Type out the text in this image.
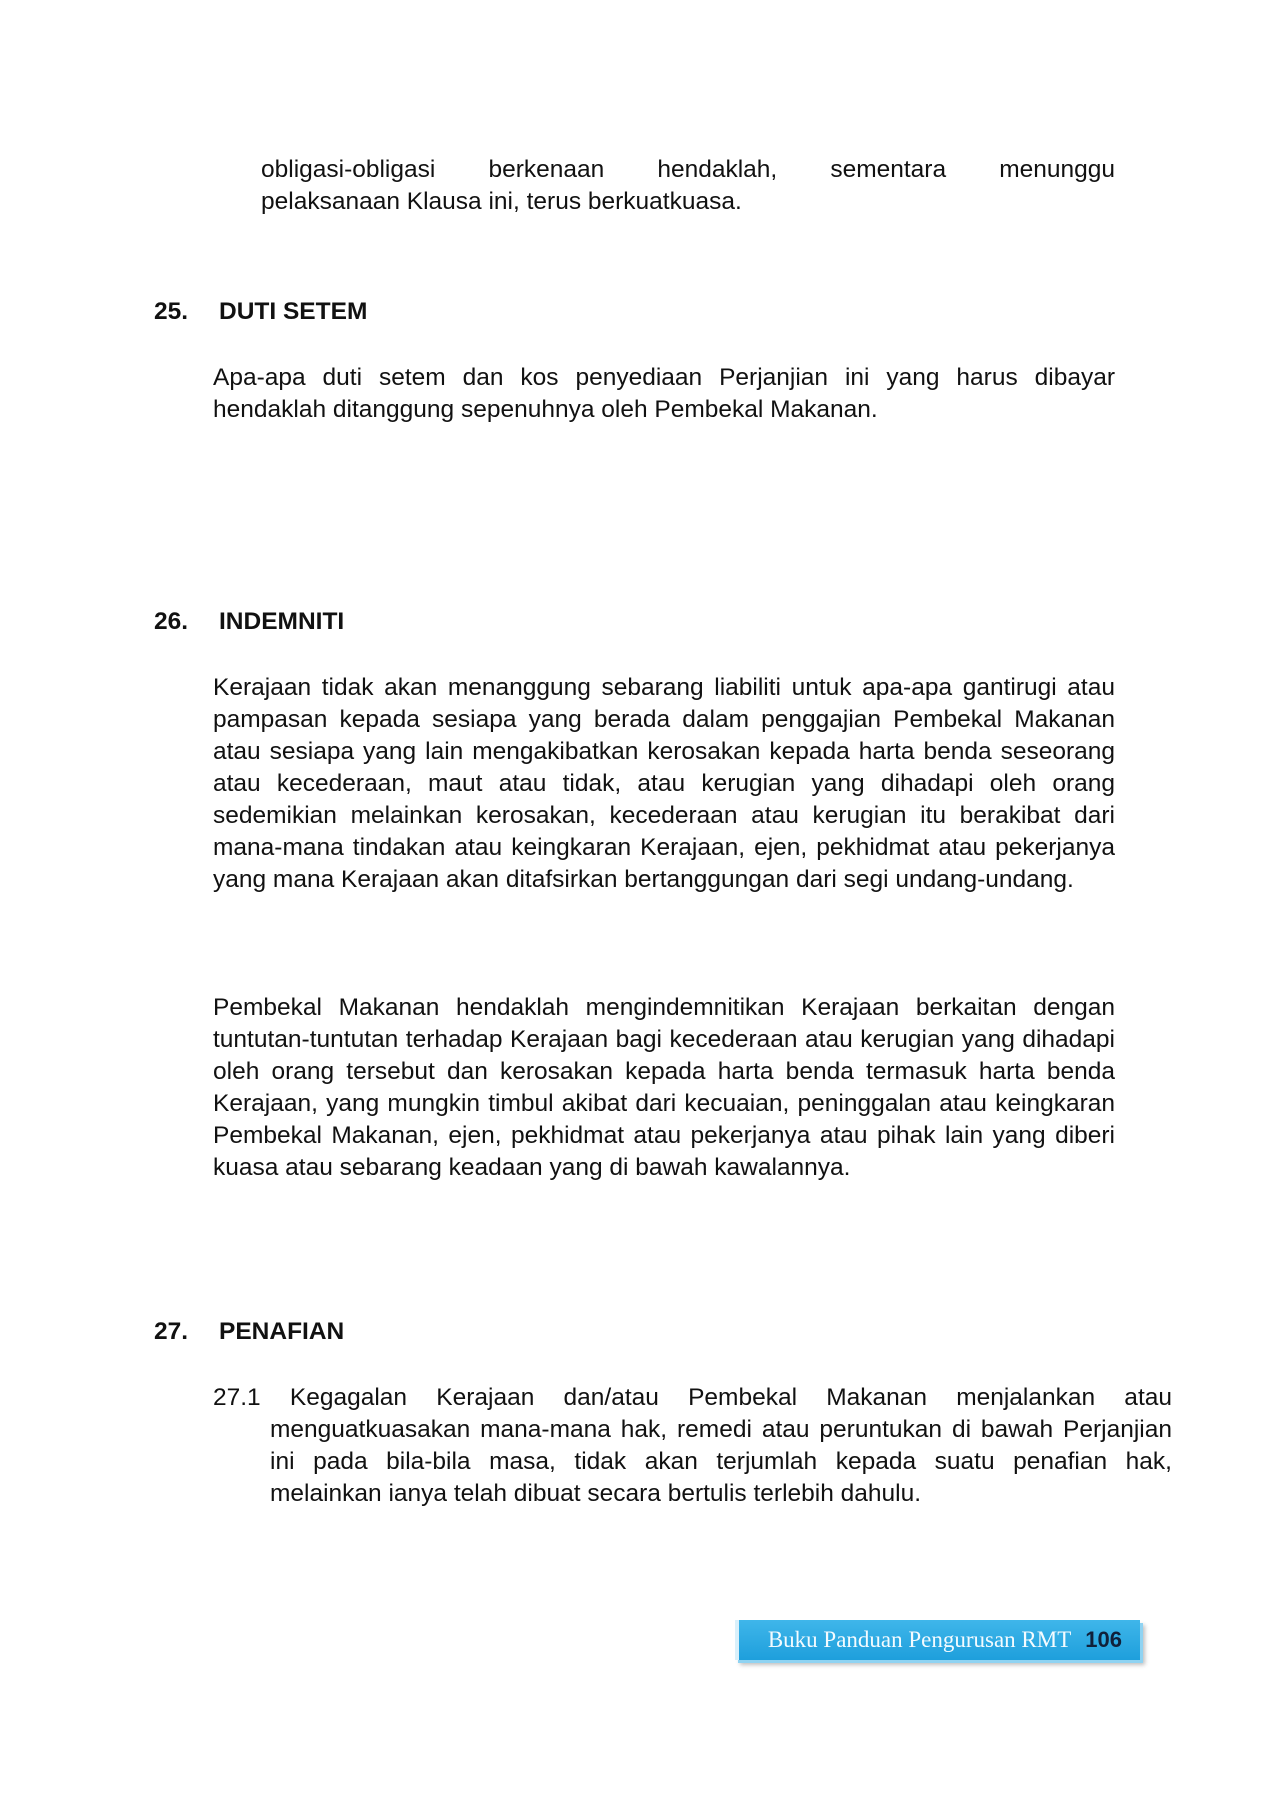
obligasi-obligasi berkenaan hendaklah, sementara menunggu
pelaksanaan Klausa ini, terus berkuatkuasa.
25. DUTI SETEM
Apa-apa duti setem dan kos penyediaan Perjanjian ini yang harus dibayar hendaklah ditanggung sepenuhnya oleh Pembekal Makanan.
26. INDEMNITI
Kerajaan tidak akan menanggung sebarang liabiliti untuk apa-apa gantirugi atau pampasan kepada sesiapa yang berada dalam penggajian Pembekal Makanan atau sesiapa yang lain mengakibatkan kerosakan kepada harta benda seseorang atau kecederaan, maut atau tidak, atau kerugian yang dihadapi oleh orang sedemikian melainkan kerosakan, kecederaan atau kerugian itu berakibat dari mana-mana tindakan atau keingkaran Kerajaan, ejen, pekhidmat atau pekerjanya yang mana Kerajaan akan ditafsirkan bertanggungan dari segi undang-undang.
Pembekal Makanan hendaklah mengindemnitikan Kerajaan berkaitan dengan tuntutan-tuntutan terhadap Kerajaan bagi kecederaan atau kerugian yang dihadapi oleh orang tersebut dan kerosakan kepada harta benda termasuk harta benda Kerajaan, yang mungkin timbul akibat dari kecuaian, peninggalan atau keingkaran Pembekal Makanan, ejen, pekhidmat atau pekerjanya atau pihak lain yang diberi kuasa atau sebarang keadaan yang di bawah kawalannya.
27. PENAFIAN
27.1 Kegagalan Kerajaan dan/atau Pembekal Makanan menjalankan atau menguatkuasakan mana-mana hak, remedi atau peruntukan di bawah Perjanjian ini pada bila-bila masa, tidak akan terjumlah kepada suatu penafian hak, melainkan ianya telah dibuat secara bertulis terlebih dahulu.
Buku Panduan Pengurusan RMT 106
